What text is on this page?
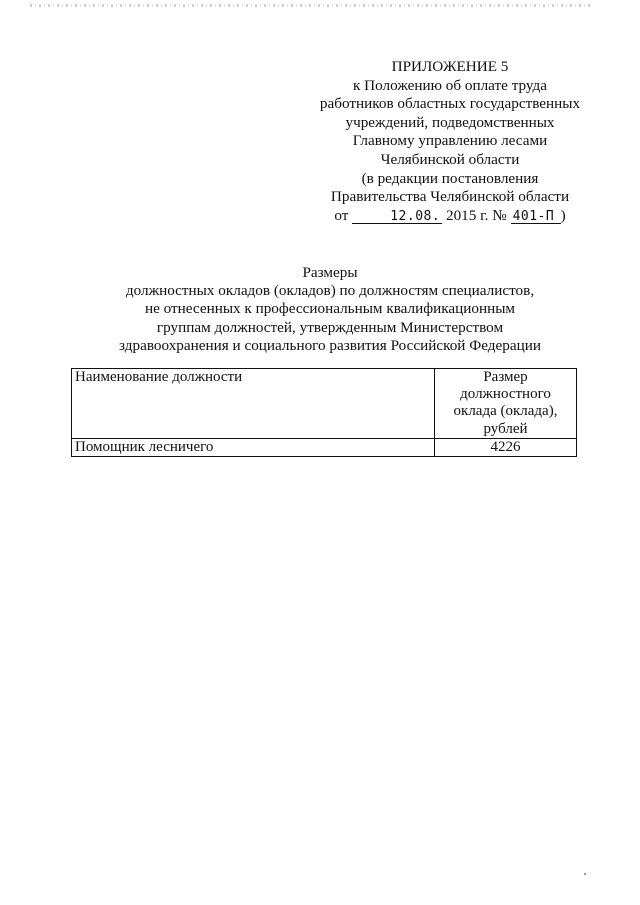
ПРИЛОЖЕНИЕ 5
к Положению об оплате труда
работников областных государственных
учреждений, подведомственных
Главному управлению лесами
Челябинской области
(в редакции постановления
Правительства Челябинской области
от	12.08. 2015 г. № 401-П )
Размеры
должностных окладов (окладов) по должностям специалистов,
не отнесенных к профессиональным квалификационным
группам должностей, утвержденным Министерством
здравоохранения и социального развития Российской Федерации
Наименование должности	Размер
должностного
оклада (оклада),
рублей

Помощник лесничего	4226
